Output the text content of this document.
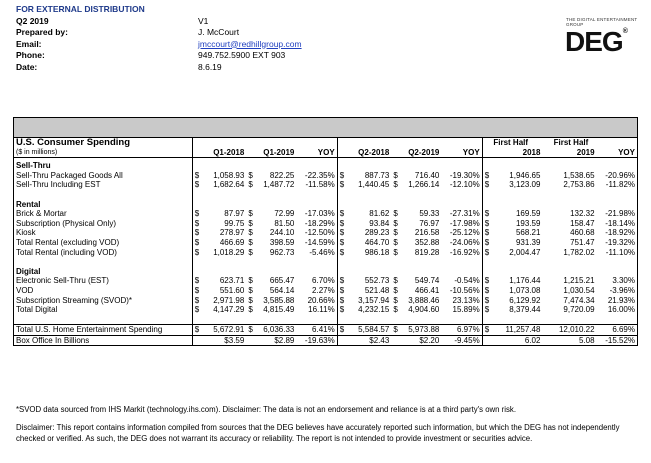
FOR EXTERNAL DISTRIBUTION
Q2 2019	V1
Prepared by:	J. McCourt
Email:	jmccourt@redhillgroup.com
Phone:	949.752.5900 EXT 903
Date:	8.6.19
THE DIGITAL ENTERTAINMENT GROUP
DEG®
U.S. Consumer Spending												First Half		First Half	
($ in millions)		Q1-2018		Q1-2019	YOY		Q2-2018		Q2-2019	YOY		2018		2019	YOY

Sell-Thru															
Sell-Thru Packaged Goods All	$	1,058.93	$	822.25	-22.35%	$	887.73	$	716.40	-19.30%	$	1,946.65		1,538.65	-20.96%
Sell-Thru Including EST	$	1,682.64	$	1,487.72	-11.58%	$	1,440.45	$	1,266.14	-12.10%	$	3,123.09		2,753.86	-11.82%

Rental															
Brick & Mortar	$	87.97	$	72.99	-17.03%	$	81.62	$	59.33	-27.31%	$	169.59		132.32	-21.98%
Subscription (Physical Only)	$	99.75	$	81.50	-18.29%	$	93.84	$	76.97	-17.98%	$	193.59		158.47	-18.14%
Kiosk	$	278.97	$	244.10	-12.50%	$	289.23	$	216.58	-25.12%	$	568.21		460.68	-18.92%
Total Rental (excluding VOD)	$	466.69	$	398.59	-14.59%	$	464.70	$	352.88	-24.06%	$	931.39		751.47	-19.32%
Total Rental (including VOD)	$	1,018.29	$	962.73	-5.46%	$	986.18	$	819.28	-16.92%	$	2,004.47		1,782.02	-11.10%

Digital															
Electronic Sell-Thru (EST)	$	623.71	$	665.47	6.70%	$	552.73	$	549.74	-0.54%	$	1,176.44		1,215.21	3.30%
VOD	$	551.60	$	564.14	2.27%	$	521.48	$	466.41	-10.56%	$	1,073.08		1,030.54	-3.96%
Subscription Streaming (SVOD)*	$	2,971.98	$	3,585.88	20.66%	$	3,157.94	$	3,888.46	23.13%	$	6,129.92		7,474.34	21.93%
Total Digital	$	4,147.29	$	4,815.49	16.11%	$	4,232.15	$	4,904.60	15.89%	$	8,379.44		9,720.09	16.00%

Total U.S. Home Entertainment Spending	$	5,672.91	$	6,036.33	6.41%	$	5,584.57	$	5,973.88	6.97%	$	11,257.48		12,010.22	6.69%
Box Office In Billions		$3.59		$2.89	-19.63%		$2.43		$2.20	-9.45%		6.02		5.08	-15.52%

*SVOD data sourced from IHS Markit (technology.ihs.com). Disclaimer: The data is not an endorsement and reliance is at a third party's own risk.

Disclaimer: This report contains information compiled from sources that the DEG believes have accurately reported such information, but which the DEG has not independently checked or verified. As such, the DEG does not warrant its accuracy or reliability. The report is not intended to provide investment or securities advice.
